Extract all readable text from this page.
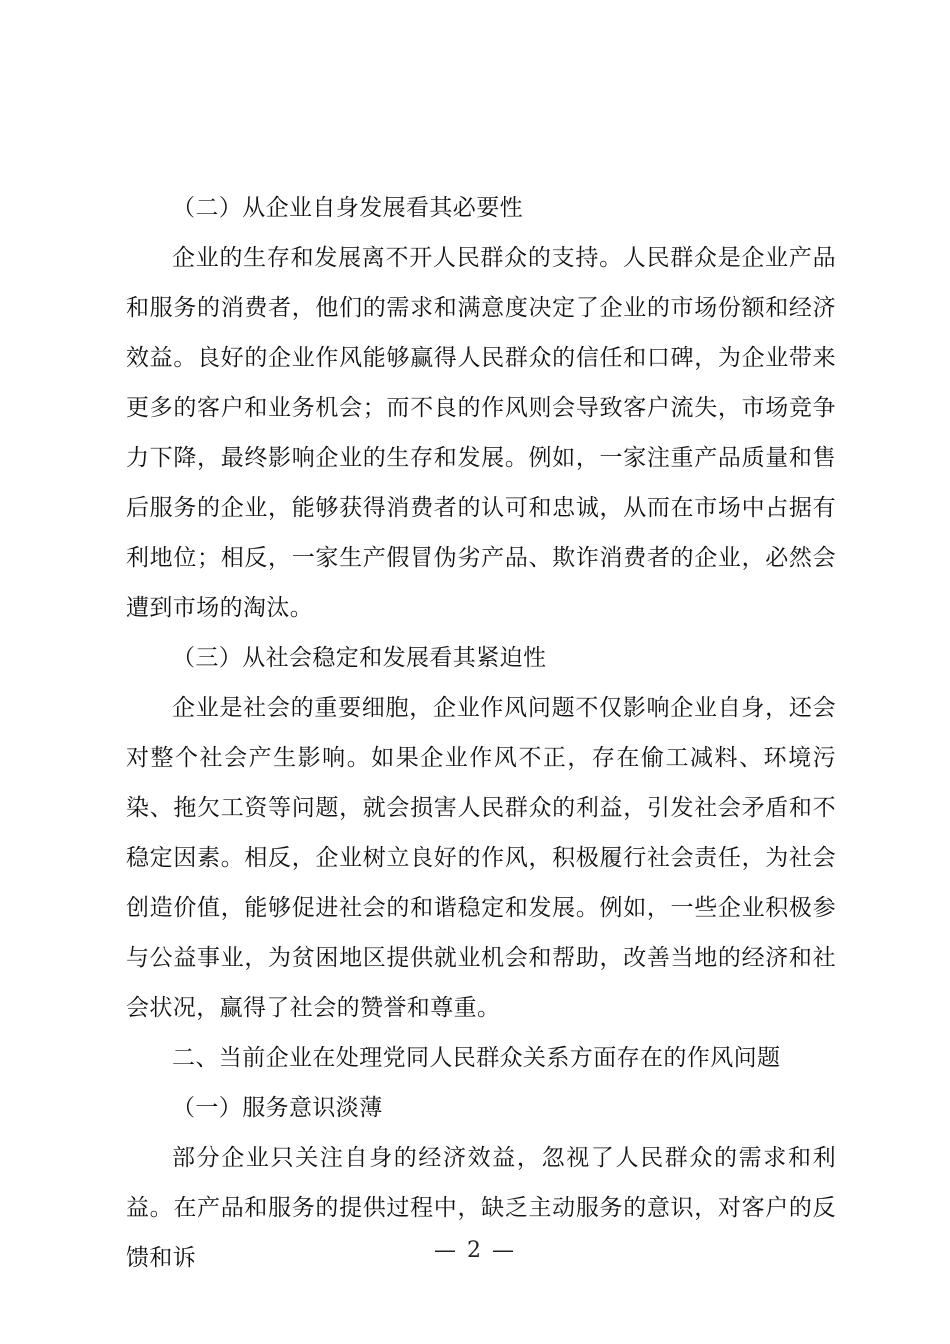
（二）从企业自身发展看其必要性

企业的生存和发展离不开人民群众的支持。人民群众是企业产品和服务的消费者，他们的需求和满意度决定了企业的市场份额和经济效益。良好的企业作风能够赢得人民群众的信任和口碑，为企业带来更多的客户和业务机会；而不良的作风则会导致客户流失，市场竞争力下降，最终影响企业的生存和发展。例如，一家注重产品质量和售后服务的企业，能够获得消费者的认可和忠诚，从而在市场中占据有利地位；相反，一家生产假冒伪劣产品、欺诈消费者的企业，必然会遭到市场的淘汰。

（三）从社会稳定和发展看其紧迫性

企业是社会的重要细胞，企业作风问题不仅影响企业自身，还会对整个社会产生影响。如果企业作风不正，存在偷工减料、环境污染、拖欠工资等问题，就会损害人民群众的利益，引发社会矛盾和不稳定因素。相反，企业树立良好的作风，积极履行社会责任，为社会创造价值，能够促进社会的和谐稳定和发展。例如，一些企业积极参与公益事业，为贫困地区提供就业机会和帮助，改善当地的经济和社会状况，赢得了社会的赞誉和尊重。

二、当前企业在处理党同人民群众关系方面存在的作风问题

（一）服务意识淡薄

部分企业只关注自身的经济效益，忽视了人民群众的需求和利益。在产品和服务的提供过程中，缺乏主动服务的意识，对客户的反馈和诉	— 2 —
